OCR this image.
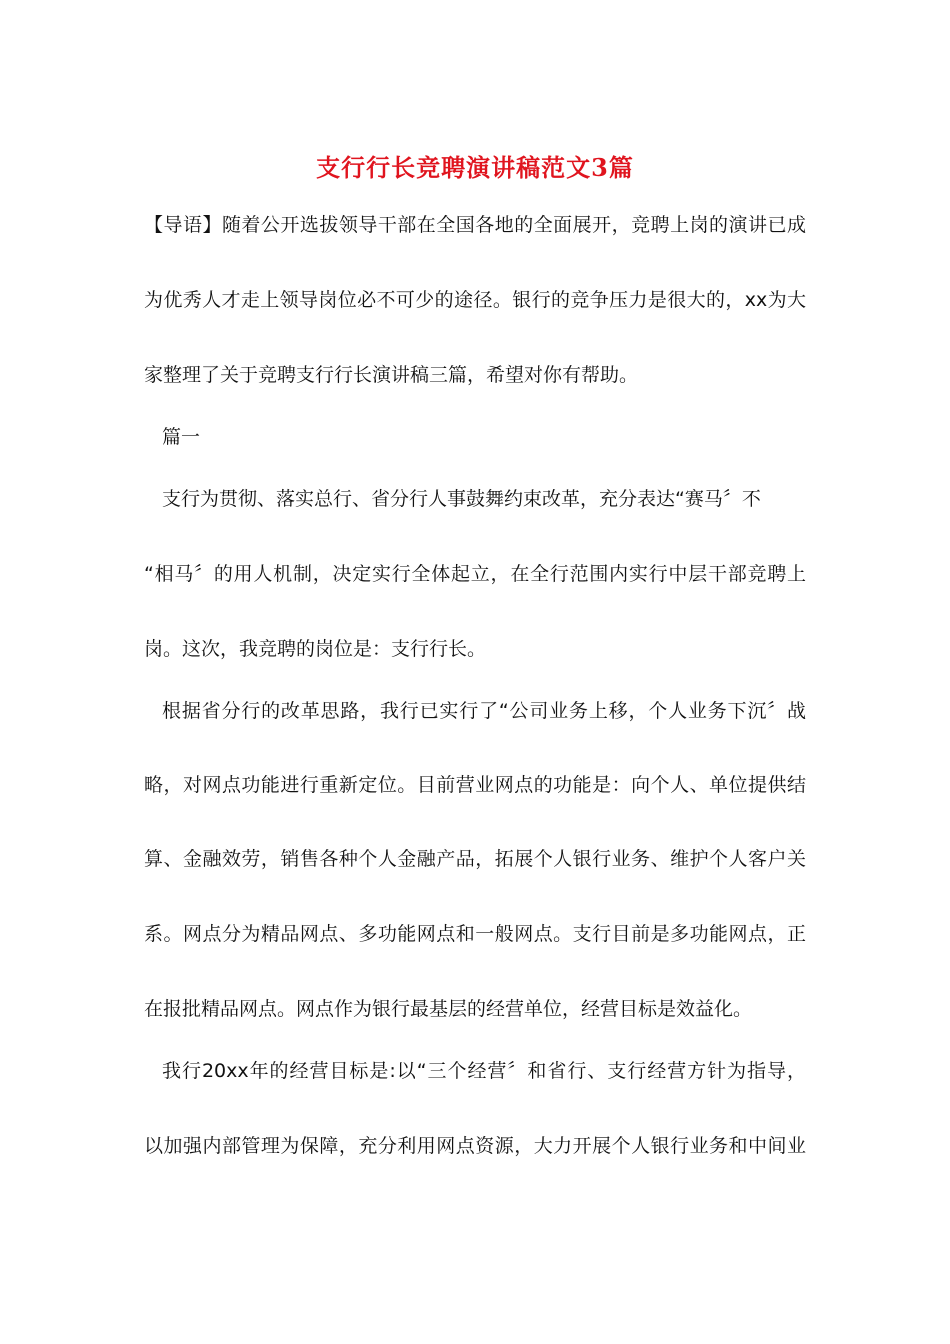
支行行长竞聘演讲稿范文3篇
【导语】随着公开选拔领导干部在全国各地的全面展开，竞聘上岗的演讲已成
为优秀人才走上领导岗位必不可少的途径。银行的竞争压力是很大的，xx为大
家整理了关于竞聘支行行长演讲稿三篇，希望对你有帮助。
篇一
支行为贯彻、落实总行、省分行人事鼓舞约束改革，充分表达“赛马〞不
“相马〞的用人机制，决定实行全体起立，在全行范围内实行中层干部竞聘上
岗。这次，我竞聘的岗位是：支行行长。
根据省分行的改革思路，我行已实行了“公司业务上移，个人业务下沉〞战
略，对网点功能进行重新定位。目前营业网点的功能是：向个人、单位提供结
算、金融效劳，销售各种个人金融产品，拓展个人银行业务、维护个人客户关
系。网点分为精品网点、多功能网点和一般网点。支行目前是多功能网点，正
在报批精品网点。网点作为银行最基层的经营单位，经营目标是效益化。
我行20xx年的经营目标是:以“三个经营〞和省行、支行经营方针为指导，
以加强内部管理为保障，充分利用网点资源，大力开展个人银行业务和中间业
